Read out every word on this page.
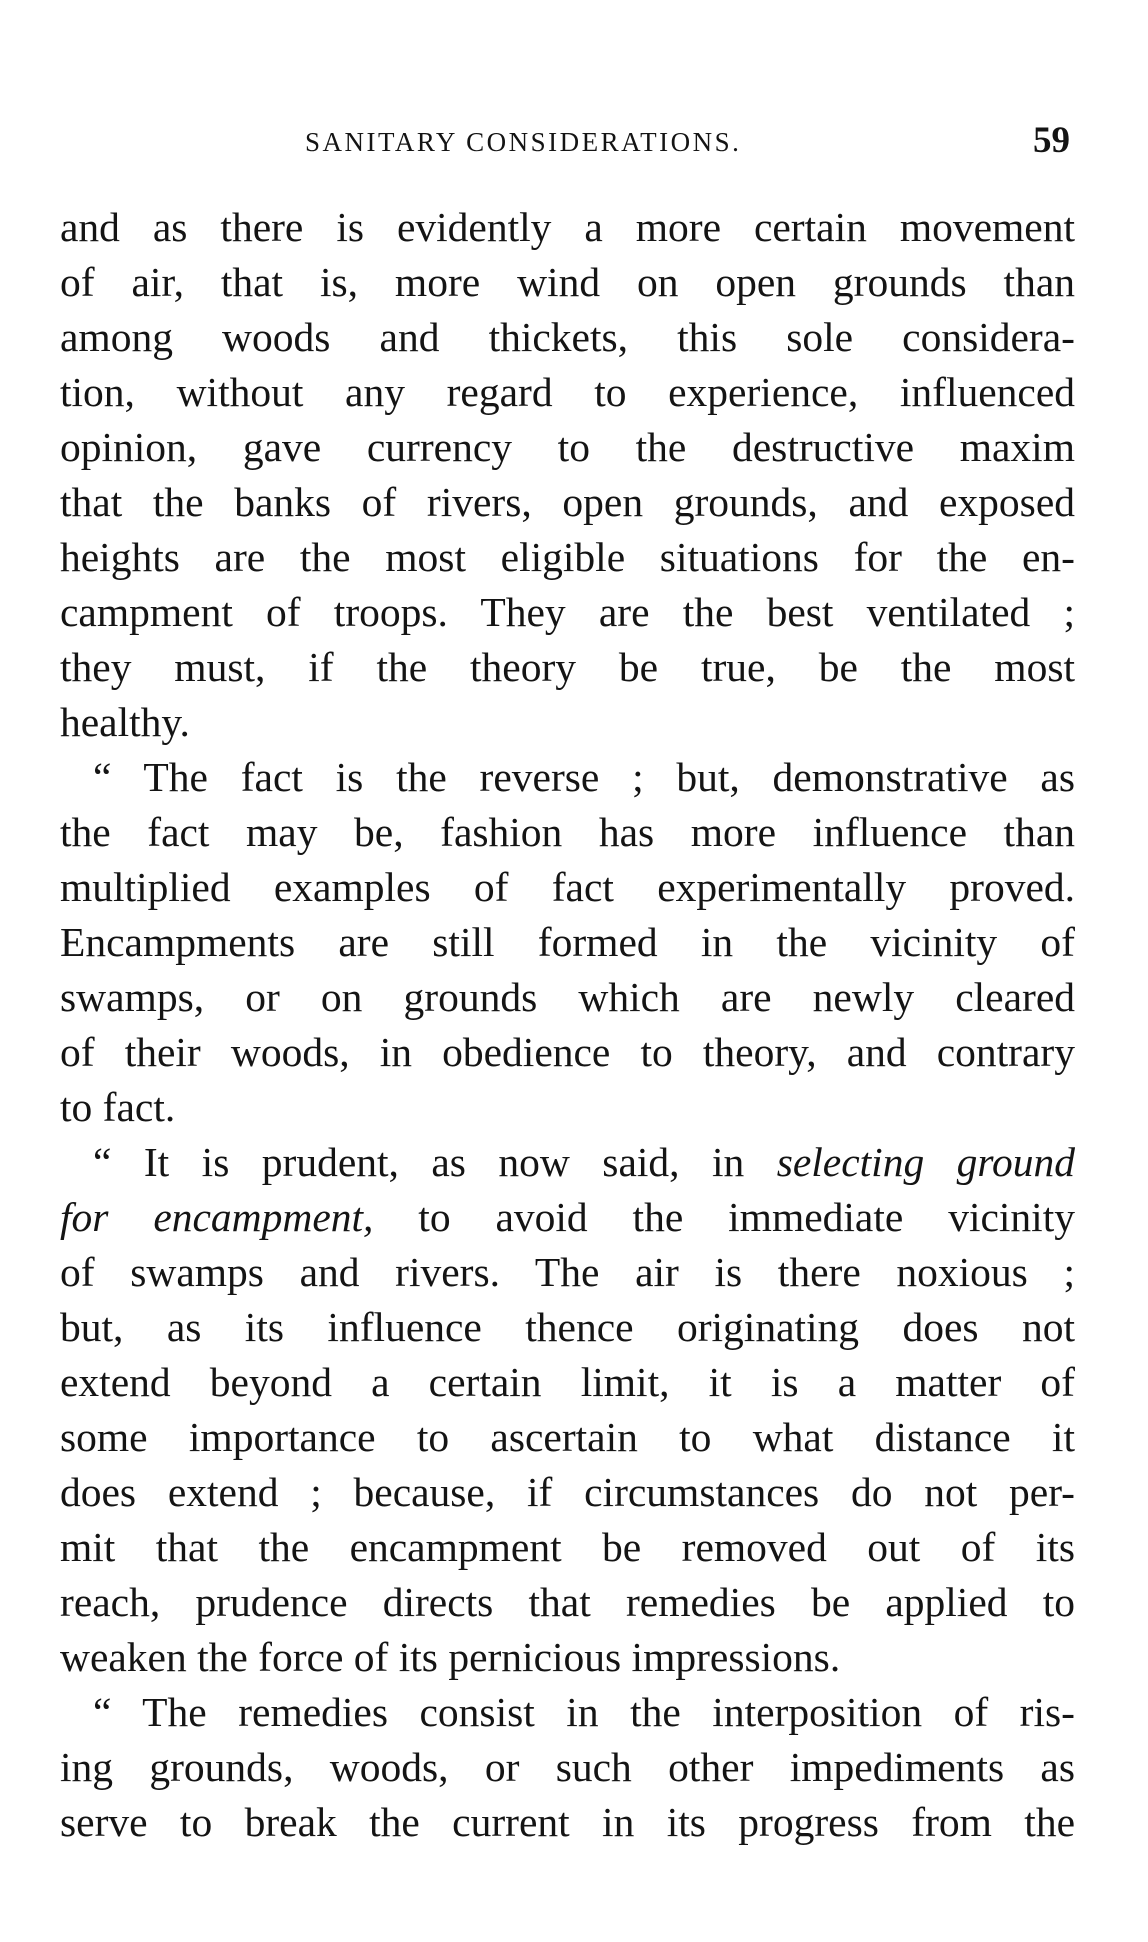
SANITARY CONSIDERATIONS.	59
and as there is evidently a more certain movement
of air, that is, more wind on open grounds than
among woods and thickets, this sole considera-
tion, without any regard to experience, influenced
opinion, gave currency to the destructive maxim
that the banks of rivers, open grounds, and exposed
heights are the most eligible situations for the en-
campment of troops. They are the best ventilated ;
they must, if the theory be true, be the most
healthy.
“ The fact is the reverse ; but, demonstrative as
the fact may be, fashion has more influence than
multiplied examples of fact experimentally proved.
Encampments are still formed in the vicinity of
swamps, or on grounds which are newly cleared
of their woods, in obedience to theory, and contrary
to fact.
“ It is prudent, as now said, in selecting ground
for encampment, to avoid the immediate vicinity
of swamps and rivers. The air is there noxious ;
but, as its influence thence originating does not
extend beyond a certain limit, it is a matter of
some importance to ascertain to what distance it
does extend ; because, if circumstances do not per-
mit that the encampment be removed out of its
reach, prudence directs that remedies be applied to
weaken the force of its pernicious impressions.
“ The remedies consist in the interposition of ris-
ing grounds, woods, or such other impediments as
serve to break the current in its progress from the
